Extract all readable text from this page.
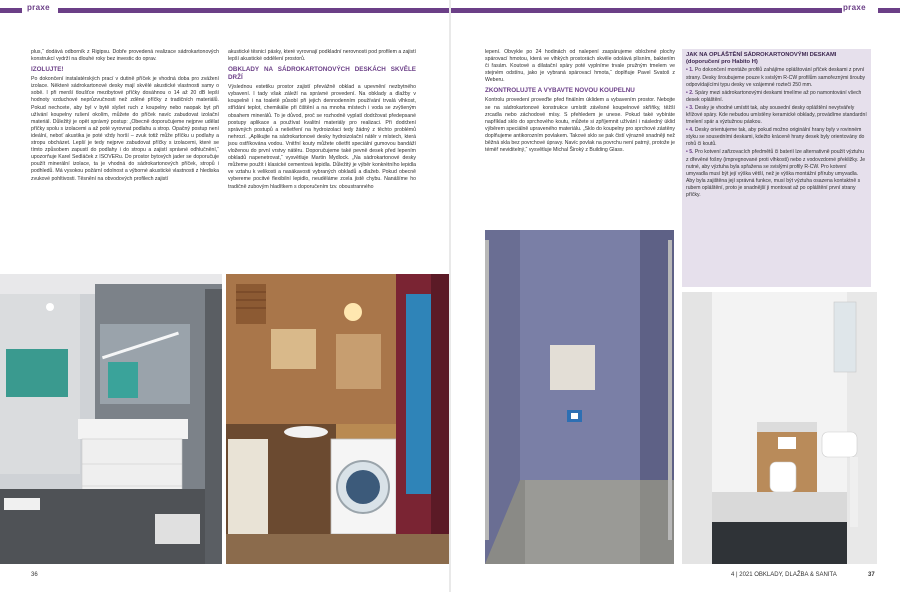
praxe

plus,“ dodává odborník z Rigipsu. Dobře provedená realizace sádrokartonových konstrukcí vydrží na dlouhé roky bez investic do oprav.

IZOLUJTE!

Po dokončení instalatérských prací v dutině příček je vhodná doba pro zvážení izolace. Některé sádrokartonové desky mají skvělé akustické vlastnosti samy o sobě. I při menší tloušťce mezibytové příčky dosáhnou o 14 až 20 dB lepší hodnoty vzduchové neprůzvučnosti než zděné příčky z tradičních materiálů. Pokud nechcete, aby byl v bytě slyšet ruch z koupelny nebo naopak byt při užívání koupelny rušení okolím, můžete do příček navíc zabudovat izolační materiál. Důležitý je opět správný postup: „Obecně doporučujeme nejprve udělat příčky spolu s izolacemi a až poté vyrovnat podlahu a strop. Opačný postup není ideální, neboť akustika je poté vždy horší – zvuk totiž může příčku u podlahy a stropu obcházet. Lepší je tedy nejprve zabudovat příčky s izolacemi, které se tímto způsobem zapustí do podlahy i do stropu a zajistí správné odhlučnění,“ upozorňuje Karel Sedláček z ISOVERu. Do prostor bytových jader se doporučuje použít minerální izolace, ta je vhodná do sádrokartonových příček, stropů i podhledů. Má vysokou požární odolnost a výborné akustické vlastnosti z hlediska zvukové pohltivosti. Těsnění na obvodových profilech zajistí

akustické těsnicí pásky, které vyrovnají podkladní nerovnosti pod profilem a zajistí lepší akustické oddělení prostorů.

OBKLADY NA SÁDROKARTONOVÝCH DESKÁCH SKVĚLE DRŽÍ

Výslednou estetiku prostor zajistí převážně obklad a upevnění nezbytného vybavení. I tady však záleží na správné provedení. Na obklady a dlažby v koupelně i na toaletě působí při jejich dennodenním používání trvalá vlhkost, střídání teplot, chemikálie při čištění a na mnoha místech i voda se zvýšeným obsahem minerálů. To je důvod, proč se rozhodně vyplatí dodržovat předepsané postupy aplikace a používat kvalitní materiály pro realizaci. Při dodržení správných postupů a nešetření na hydroizolaci tedy žádný z těchto problémů nehrozí. „Aplikujte na sádrokartonové desky hydroizolační nátěr v místech, která jsou ostříkována vodou. Vnitřní kouty můžete ošetřit speciální gumovou bandáží vloženou do první vrstvy nátěru. Doporučujeme také pevně desek před lepením obkladů napenetrovat,“ vysvětluje Martin Mydlock. „Na sádrokartonové desky můžeme použít i klasické cementová lepidla. Důležitý je výběr konkrétního lepidla ve vztahu k velikosti a nasákavosti vybraných obkladů a dlažeb. Pokud obecně vybereme pocitvé flexibilní lepidlo, neuděláme zcela jistě chybu. Nanášíme ho tradičně zubovým hladítkem s doporučením tzv. oboustranného

36
praxe

lepení. Obvykle po 24 hodinách od nalepení zaspárujeme obložené plochy spárovací hmotou, která ve vlhkých prostorách skvěle odolává plísním, bakteriím či řasám. Koutové a dilatační spáry poté vyplníme trvale pružným tmelem ve stejném odstínu, jako je vybraná spárovací hmota,“ doplňuje Pavel Svatoš z Weberu.

ZKONTROLUJTE A VYBAVTE NOVOU KOUPELNU

Kontrolu provedení proveďte před finálním úklidem a vybavením prostor. Nebojte se na sádrokartonové konstrukce umístit závěsné koupelnové skříňky, těžší zrcadla nebo záchodové mísy. S přehledem je unese. Pokud také vybíráte například sklo do sprchového koutu, můžete si zpříjemnit užívání i následný úklid výběrem speciálně upraveného materiálu. „Sklo do koupelny pro sprchové zástěny doplňujeme antikorozním povlakem. Takové sklo se pak čistí výrazně snadněji než běžná skla bez povrchové úpravy. Navíc povlak na povrchu není patrný, protože je téměř neviditelný,“ vysvětluje Michal Široký z Building Glass.

JAK NA OPLÁŠTĚNÍ SÁDROKARTONOVÝMI DESKAMI (doporučení pro Habito H)
• 1. Po dokončení montáže profilů zahájíme opláštování příček deskami z první strany. Desky šroubujeme pouze k svislým R-CW profilům samořeznými šrouby odpovídajícími typu desky ve vzájemné rozteči 250 mm.
• 2. Spáry mezi sádrokartonovými deskami tmelíme až po namontování všech desek opláštění.
• 3. Desky je vhodné umístit tak, aby sousední desky opláštění nevytvářely křížové spáry. Kde nebudou umístěny keramické obklady, provádíme standardní tmelení spár a výztužnou páskou.
• 4. Desky orientujeme tak, aby pokud možno originální hrany byly v rovinném styku se sousedními deskami, kdežto kráceně hrany desek byly orientovány do rohů či koutů.
• 5. Pro kotvení zařizovacích předmětů či baterií lze alternativně použít výztuhu z dřevěné fošny (impregnované proti vlhkosti) nebo z vodovzdorné překližky. Je nutné, aby výztuha byla spřažena se svislými profily R-CW. Pro kotvení umyvadla musí být její výška větší, než je výška montážní příruby umyvadla. Aby byla zajištěna její správná funkce, musí být výztuha osazena kontaktně s rubem opláštění, proto je snadnější ji montovat až po opláštění první strany příčky.
4 | 2021 OBKLADY, DLAŽBA & SANITA	37
